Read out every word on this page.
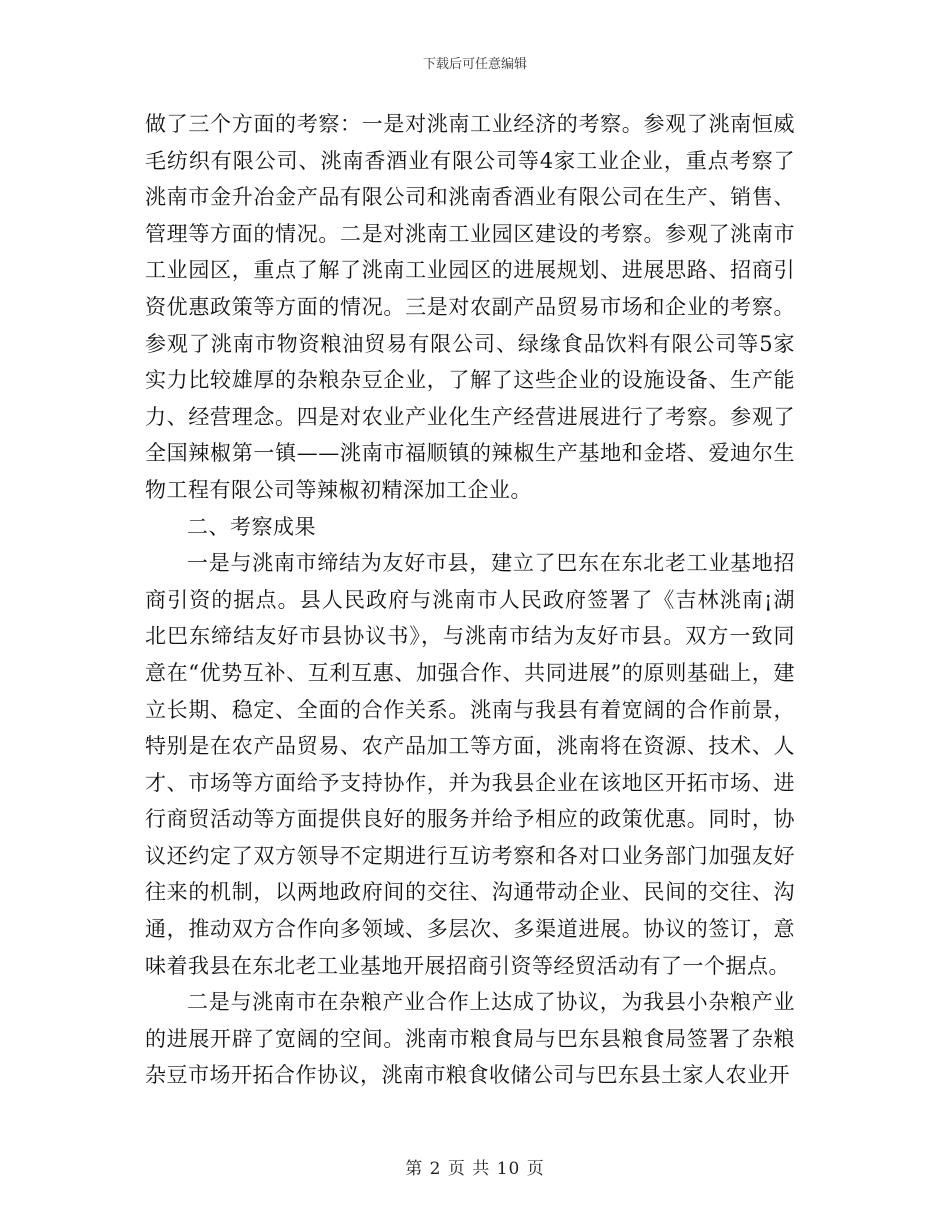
下载后可任意编辑

做了三个方面的考察：一是对洮南工业经济的考察。参观了洮南恒威毛纺织有限公司、洮南香酒业有限公司等4家工业企业，重点考察了洮南市金升冶金产品有限公司和洮南香酒业有限公司在生产、销售、管理等方面的情况。二是对洮南工业园区建设的考察。参观了洮南市工业园区，重点了解了洮南工业园区的进展规划、进展思路、招商引资优惠政策等方面的情况。三是对农副产品贸易市场和企业的考察。参观了洮南市物资粮油贸易有限公司、绿缘食品饮料有限公司等5家实力比较雄厚的杂粮杂豆企业，了解了这些企业的设施设备、生产能力、经营理念。四是对农业产业化生产经营进展进行了考察。参观了全国辣椒第一镇——洮南市福顺镇的辣椒生产基地和金塔、爱迪尔生物工程有限公司等辣椒初精深加工企业。

二、考察成果

一是与洮南市缔结为友好市县，建立了巴东在东北老工业基地招商引资的据点。县人民政府与洮南市人民政府签署了《吉林洮南¡湖北巴东缔结友好市县协议书》，与洮南市结为友好市县。双方一致同意在“优势互补、互利互惠、加强合作、共同进展”的原则基础上，建立长期、稳定、全面的合作关系。洮南与我县有着宽阔的合作前景，特别是在农产品贸易、农产品加工等方面，洮南将在资源、技术、人才、市场等方面给予支持协作，并为我县企业在该地区开拓市场、进行商贸活动等方面提供良好的服务并给予相应的政策优惠。同时，协议还约定了双方领导不定期进行互访考察和各对口业务部门加强友好往来的机制，以两地政府间的交往、沟通带动企业、民间的交往、沟通，推动双方合作向多领域、多层次、多渠道进展。协议的签订，意味着我县在东北老工业基地开展招商引资等经贸活动有了一个据点。

二是与洮南市在杂粮产业合作上达成了协议，为我县小杂粮产业的进展开辟了宽阔的空间。洮南市粮食局与巴东县粮食局签署了杂粮杂豆市场开拓合作协议，洮南市粮食收储公司与巴东县土家人农业开

第 2 页 共 10 页
